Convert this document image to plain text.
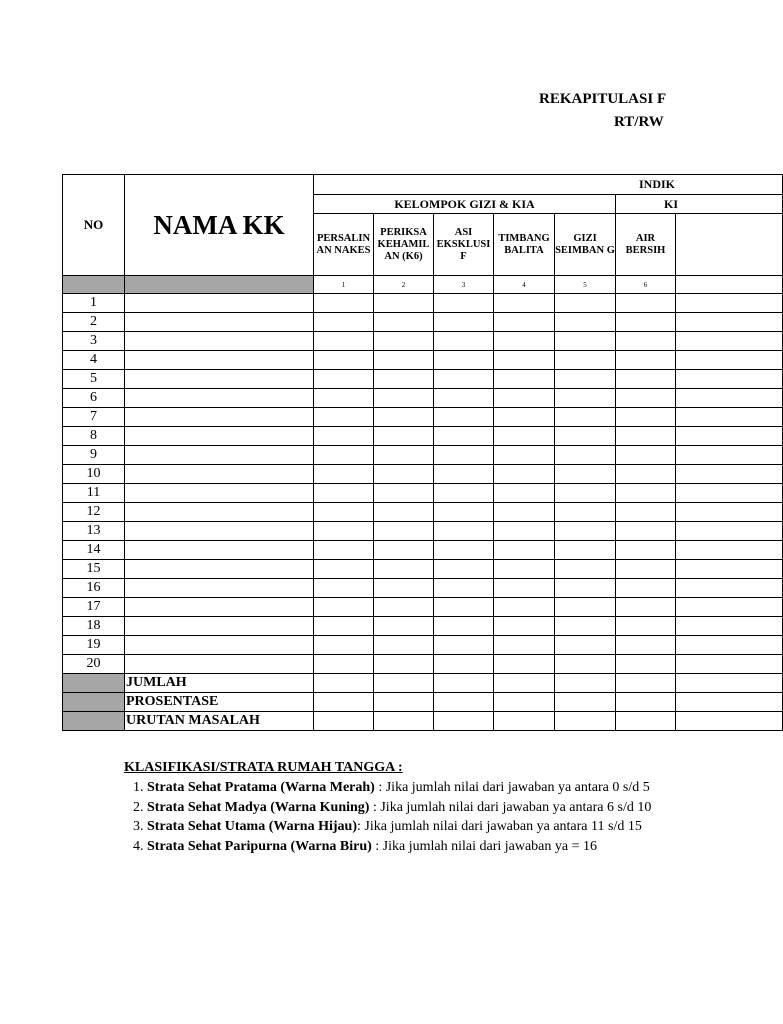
REKAPITULASI F
RT/RW
NO	NAMA KK	INDIK						
		KELOMPOK GIZI & KIA					KI	
		PERSALIN AN NAKES	PERIKSA KEHAMIL AN (K6)	ASI EKSKLUSI F	TIMBANG BALITA	GIZI SEIMBAN G	AIR BERSIH	
		1	2	3	4	5	6	
1								
2								
3								
4								
5								
6								
7								
8								
9								
10								
11								
12								
13								
14								
15								
16								
17								
18								
19								
20								
	JUMLAH							
	PROSENTASE							
	URUTAN MASALAH							
KLASIFIKASI/STRATA RUMAH TANGGA :
1. Strata Sehat Pratama (Warna Merah) : Jika jumlah nilai dari jawaban ya antara 0 s/d 5
2. Strata Sehat Madya (Warna Kuning) : Jika jumlah nilai dari jawaban ya antara 6 s/d 10
3. Strata Sehat Utama (Warna Hijau): Jika jumlah nilai dari jawaban ya antara 11 s/d 15
4. Strata Sehat Paripurna (Warna Biru) : Jika jumlah nilai dari jawaban ya = 16
